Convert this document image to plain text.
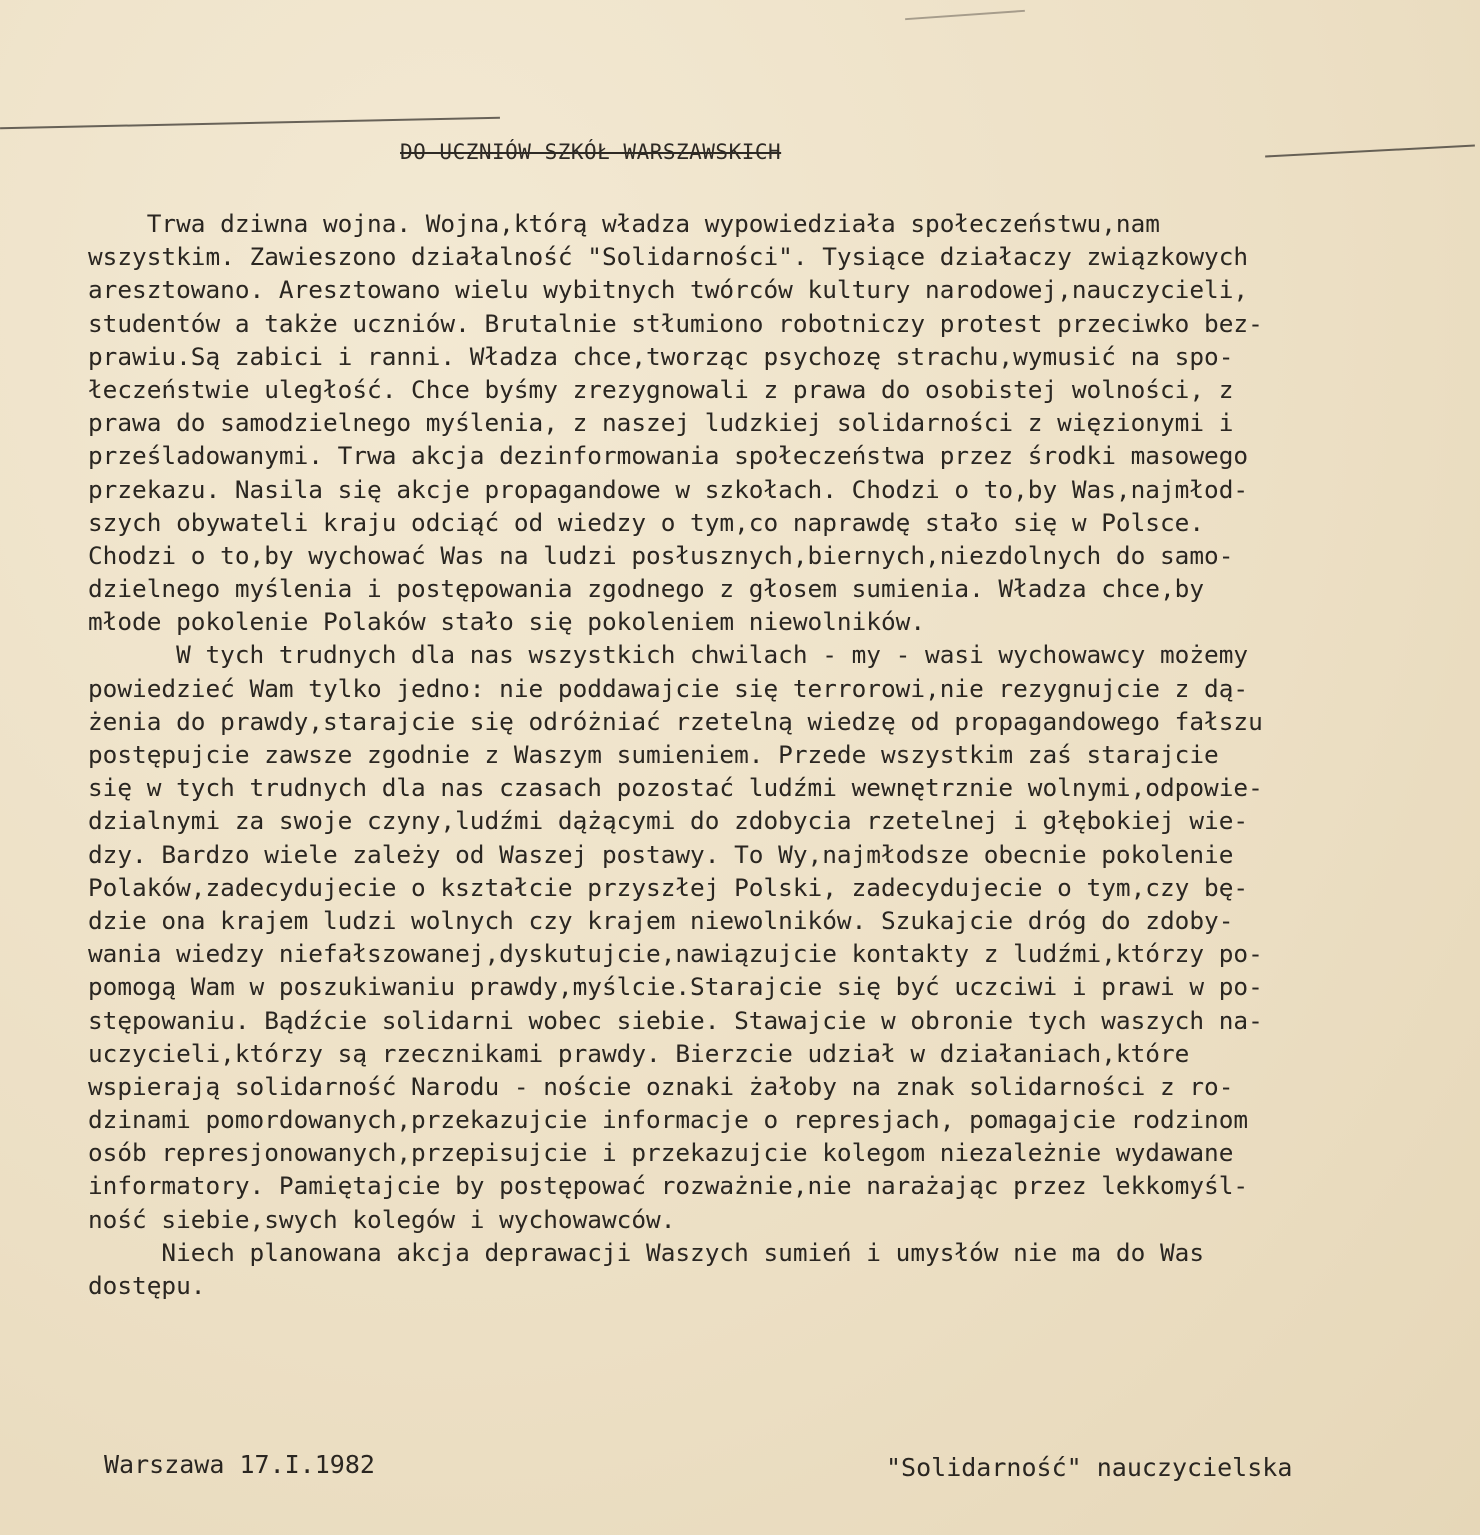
DO UCZNIÓW SZKÓŁ WARSZAWSKICH
Trwa dziwna wojna. Wojna,którą władza wypowiedziała społeczeństwu,nam
wszystkim. Zawieszono działalność "Solidarności". Tysiące działaczy związkowych
aresztowano. Aresztowano wielu wybitnych twórców kultury narodowej,nauczycieli,
studentów a także uczniów. Brutalnie stłumiono robotniczy protest przeciwko bez-
prawiu.Są zabici i ranni. Władza chce,tworząc psychozę strachu,wymusić na spo-
łeczeństwie uległość. Chce byśmy zrezygnowali z prawa do osobistej wolności, z
prawa do samodzielnego myślenia, z naszej ludzkiej solidarności z więzionymi i
prześladowanymi. Trwa akcja dezinformowania społeczeństwa przez środki masowego
przekazu. Nasila się akcje propagandowe w szkołach. Chodzi o to,by Was,najmłod-
szych obywateli kraju odciąć od wiedzy o tym,co naprawdę stało się w Polsce.
Chodzi o to,by wychować Was na ludzi posłusznych,biernych,niezdolnych do samo-
dzielnego myślenia i postępowania zgodnego z głosem sumienia. Władza chce,by
młode pokolenie Polaków stało się pokoleniem niewolników.
W tych trudnych dla nas wszystkich chwilach - my - wasi wychowawcy możemy
powiedzieć Wam tylko jedno: nie poddawajcie się terrorowi,nie rezygnujcie z dą-
żenia do prawdy,starajcie się odróżniać rzetelną wiedzę od propagandowego fałszu
postępujcie zawsze zgodnie z Waszym sumieniem. Przede wszystkim zaś starajcie
się w tych trudnych dla nas czasach pozostać ludźmi wewnętrznie wolnymi,odpowie-
dzialnymi za swoje czyny,ludźmi dążącymi do zdobycia rzetelnej i głębokiej wie-
dzy. Bardzo wiele zależy od Waszej postawy. To Wy,najmłodsze obecnie pokolenie
Polaków,zadecydujecie o kształcie przyszłej Polski, zadecydujecie o tym,czy bę-
dzie ona krajem ludzi wolnych czy krajem niewolników. Szukajcie dróg do zdoby-
wania wiedzy niefałszowanej,dyskutujcie,nawiązujcie kontakty z ludźmi,którzy po-
pomogą Wam w poszukiwaniu prawdy,myślcie.Starajcie się być uczciwi i prawi w po-
stępowaniu. Bądźcie solidarni wobec siebie. Stawajcie w obronie tych waszych na-
uczycieli,którzy są rzecznikami prawdy. Bierzcie udział w działaniach,które
wspierają solidarność Narodu - noście oznaki żałoby na znak solidarności z ro-
dzinami pomordowanych,przekazujcie informacje o represjach, pomagajcie rodzinom
osób represjonowanych,przepisujcie i przekazujcie kolegom niezależnie wydawane
informatory. Pamiętajcie by postępować rozważnie,nie narażając przez lekkomyśl-
ność siebie,swych kolegów i wychowawców.
Niech planowana akcja deprawacji Waszych sumień i umysłów nie ma do Was
dostępu.
Warszawa 17.I.1982	"Solidarność" nauczycielska
